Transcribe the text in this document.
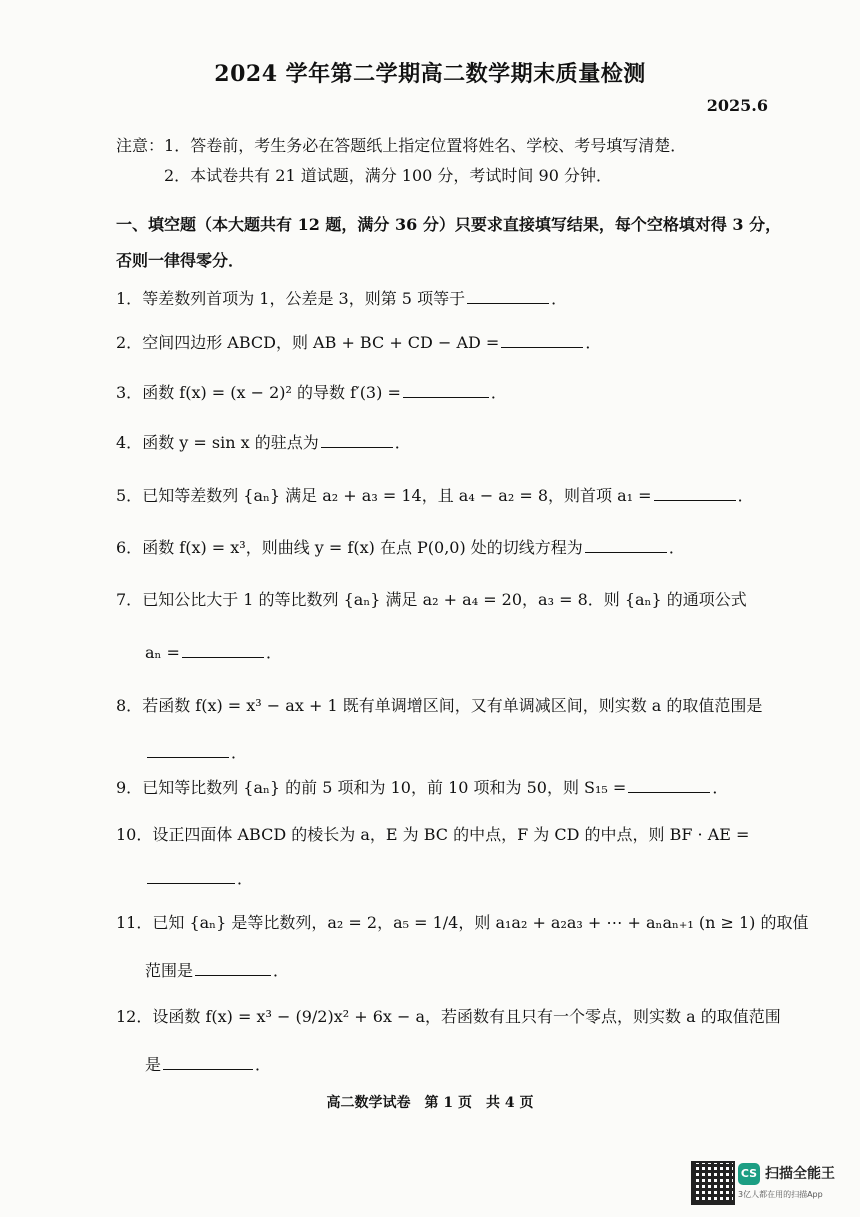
2024 学年第二学期高二数学期末质量检测
2025.6
注意：1．答卷前，考生务必在答题纸上指定位置将姓名、学校、考号填写清楚．
2．本试卷共有 21 道试题，满分 100 分，考试时间 90 分钟．
一、填空题（本大题共有 12 题，满分 36 分）只要求直接填写结果，每个空格填对得 3 分，
否则一律得零分．
1．等差数列首项为 1，公差是 3，则第 5 项等于	．
2．空间四边形 ABCD，则 AB + BC + CD − AD =	．
3．函数 f(x) = (x − 2)² 的导数 f′(3) =	．
4．函数 y = sin x 的驻点为	．
5．已知等差数列 {aₙ} 满足 a₂ + a₃ = 14，且 a₄ − a₂ = 8，则首项 a₁ =	．
6．函数 f(x) = x³，则曲线 y = f(x) 在点 P(0,0) 处的切线方程为	．
7．已知公比大于 1 的等比数列 {aₙ} 满足 a₂ + a₄ = 20，a₃ = 8．则 {aₙ} 的通项公式
aₙ =	．
8．若函数 f(x) = x³ − ax + 1 既有单调增区间，又有单调减区间，则实数 a 的取值范围是
．
9．已知等比数列 {aₙ} 的前 5 项和为 10，前 10 项和为 50，则 S₁₅ =	．
10．设正四面体 ABCD 的棱长为 a，E 为 BC 的中点，F 为 CD 的中点，则 BF · AE =
．
11．已知 {aₙ} 是等比数列，a₂ = 2，a₅ = 1/4，则 a₁a₂ + a₂a₃ + ⋯ + aₙaₙ₊₁ (n ≥ 1) 的取值
范围是	．
12．设函数 f(x) = x³ − (9/2)x² + 6x − a，若函数有且只有一个零点，则实数 a 的取值范围
是	．
高二数学试卷　第 1 页　共 4 页
CS 扫描全能王
3亿人都在用的扫描App
